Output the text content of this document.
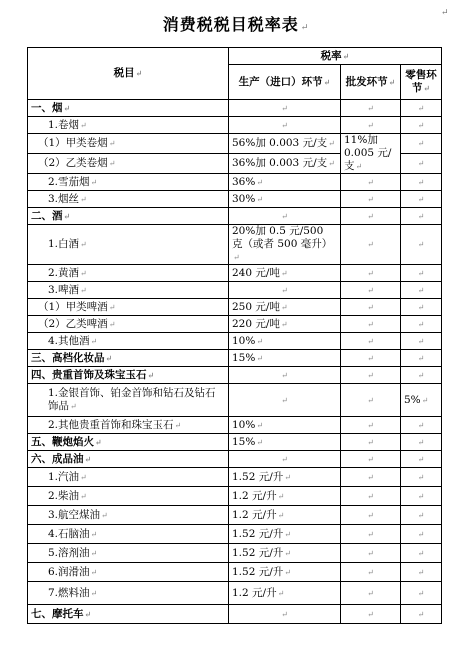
消费税税目税率表 ↵
↵
税目↵	税率↵		
	生产（进口）环节↵	批发环节↵	零售环节↵
一、烟↵	↵	↵	↵
1.卷烟↵	↵	↵	↵
（1）甲类卷烟↵	56%加 0.003 元/支↵	11%加 0.005 元/支↵	↵
（2）乙类卷烟↵	36%加 0.003 元/支↵		↵
2.雪茄烟↵	36%↵	↵	↵
3.烟丝↵	30%↵	↵	↵
二、酒↵	↵	↵	↵
1.白酒↵	20%加 0.5 元/500 克（或者 500 毫升）↵	↵	↵
2.黄酒↵	240 元/吨↵	↵	↵
3.啤酒↵	↵	↵	↵
（1）甲类啤酒↵	250 元/吨↵	↵	↵
（2）乙类啤酒↵	220 元/吨↵	↵	↵
4.其他酒↵	10%↵	↵	↵
三、高档化妆品↵	15%↵	↵	↵
四、贵重首饰及珠宝玉石↵	↵	↵	↵
1.金银首饰、铂金首饰和钻石及钻石饰品↵	↵	↵	5%↵
2.其他贵重首饰和珠宝玉石↵	10%↵	↵	↵
五、鞭炮焰火↵	15%↵	↵	↵
六、成品油↵	↵	↵	↵
1.汽油↵	1.52 元/升↵	↵	↵
2.柴油↵	1.2 元/升↵	↵	↵
3.航空煤油↵	1.2 元/升↵	↵	↵
4.石脑油↵	1.52 元/升↵	↵	↵
5.溶剂油↵	1.52 元/升↵	↵	↵
6.润滑油↵	1.52 元/升↵	↵	↵
7.燃料油↵	1.2 元/升↵	↵	↵
七、摩托车↵	↵	↵	↵
